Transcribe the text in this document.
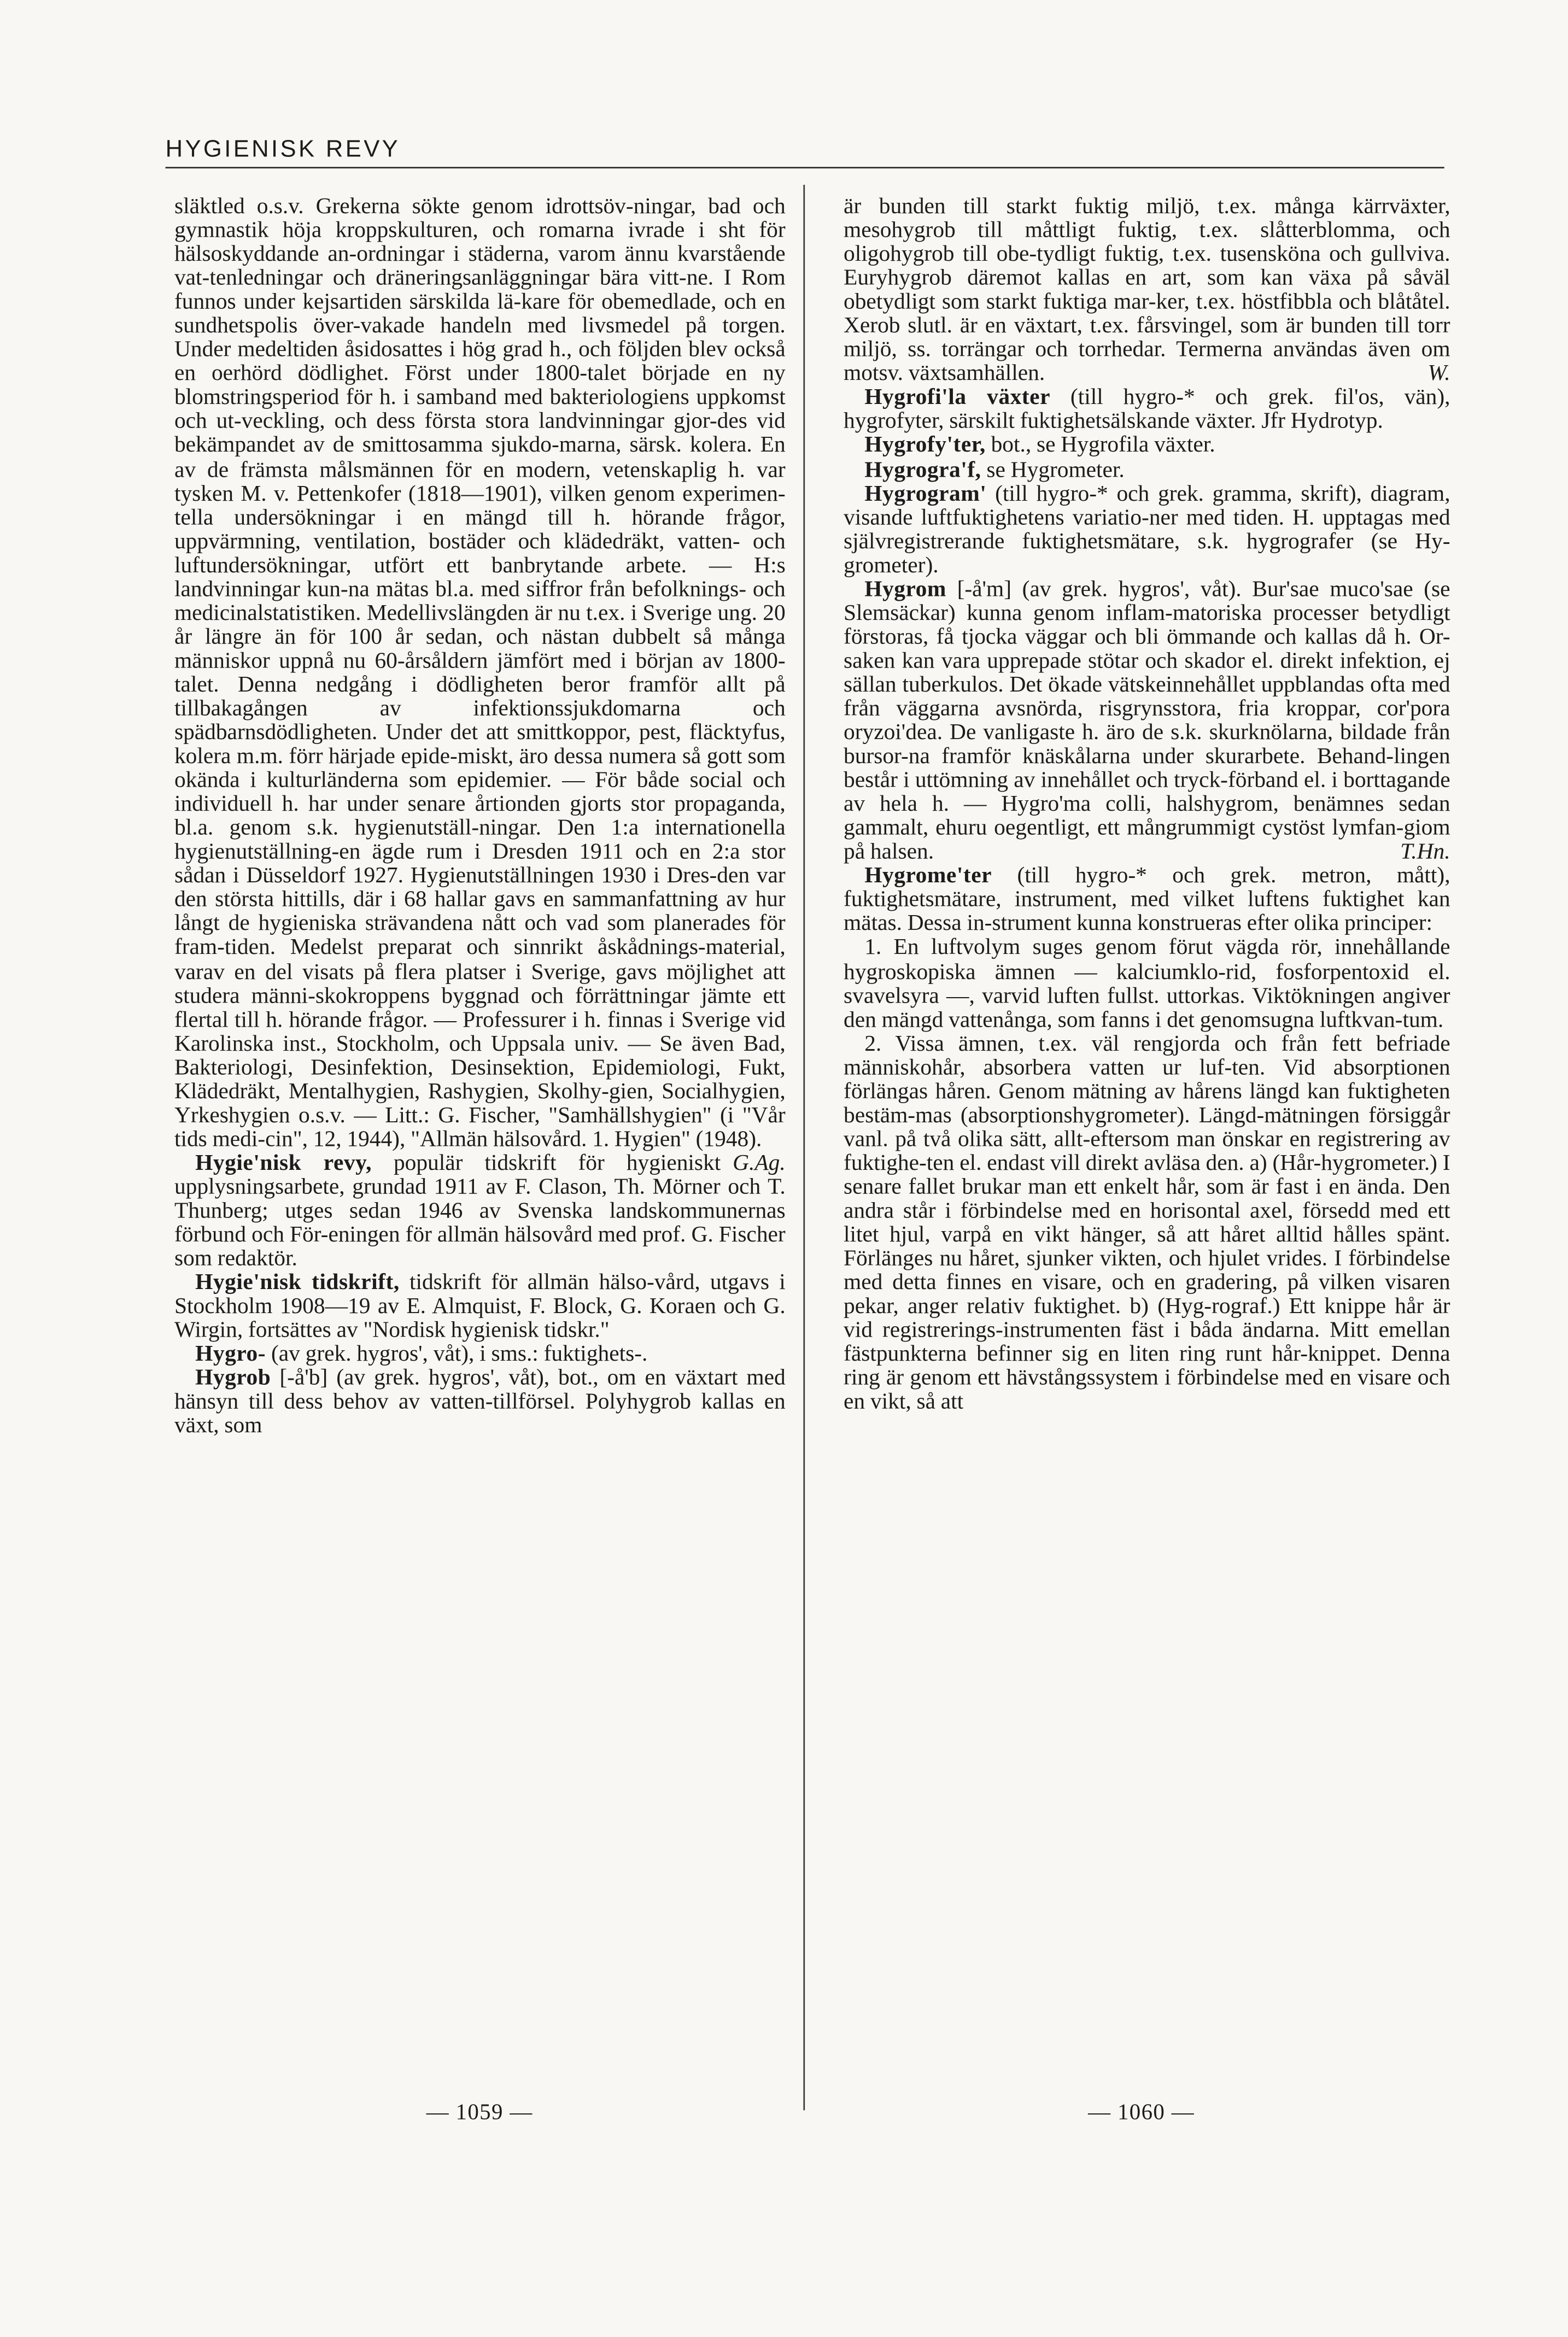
HYGIENISK REVY

släktled o.s.v. Grekerna sökte genom idrottsöv-ningar, bad och gymnastik höja kroppskulturen, och romarna ivrade i sht för hälsoskyddande an-ordningar i städerna, varom ännu kvarstående vat-tenledningar och dräneringsanläggningar bära vitt-ne. I Rom funnos under kejsartiden särskilda lä-kare för obemedlade, och en sundhetspolis över-vakade handeln med livsmedel på torgen. Under medeltiden åsidosattes i hög grad h., och följden blev också en oerhörd dödlighet. Först under 1800-talet började en ny blomstringsperiod för h. i samband med bakteriologiens uppkomst och ut-veckling, och dess första stora landvinningar gjor-des vid bekämpandet av de smittosamma sjukdo-marna, särsk. kolera. En av de främsta målsmännen för en modern, vetenskaplig h. var tysken M. v. Pettenkofer (1818—1901), vilken genom experimen-tella undersökningar i en mängd till h. hörande frågor, uppvärmning, ventilation, bostäder och klädedräkt, vatten- och luftundersökningar, utfört ett banbrytande arbete. — H:s landvinningar kun-na mätas bl.a. med siffror från befolknings- och medicinalstatistiken. Medellivslängden är nu t.ex. i Sverige ung. 20 år längre än för 100 år sedan, och nästan dubbelt så många människor uppnå nu 60-årsåldern jämfört med i början av 1800-talet. Denna nedgång i dödligheten beror framför allt på tillbakagången av infektionssjukdomarna och spädbarnsdödligheten. Under det att smittkoppor, pest, fläcktyfus, kolera m.m. förr härjade epide-miskt, äro dessa numera så gott som okända i kulturländerna som epidemier. — För både social och individuell h. har under senare årtionden gjorts stor propaganda, bl.a. genom s.k. hygienutställ-ningar. Den 1:a internationella hygienutställning-en ägde rum i Dresden 1911 och en 2:a stor sådan i Düsseldorf 1927. Hygienutställningen 1930 i Dres-den var den största hittills, där i 68 hallar gavs en sammanfattning av hur långt de hygieniska strävandena nått och vad som planerades för fram-tiden. Medelst preparat och sinnrikt åskådnings-material, varav en del visats på flera platser i Sverige, gavs möjlighet att studera männi-skokroppens byggnad och förrättningar jämte ett flertal till h. hörande frågor. — Professurer i h. finnas i Sverige vid Karolinska inst., Stockholm, och Uppsala univ. — Se även Bad, Bakteriologi, Desinfektion, Desinsektion, Epidemiologi, Fukt, Klädedräkt, Mentalhygien, Rashygien, Skolhy-gien, Socialhygien, Yrkeshygien o.s.v. — Litt.: G. Fischer, "Samhällshygien" (i "Vår tids medi-cin", 12, 1944), "Allmän hälsovård. 1. Hygien" (1948).
G.Ag.

Hygie'nisk revy, populär tidskrift för hygieniskt upplysningsarbete, grundad 1911 av F. Clason, Th. Mörner och T. Thunberg; utges sedan 1946 av Svenska landskommunernas förbund och För-eningen för allmän hälsovård med prof. G. Fischer som redaktör.

Hygie'nisk tidskrift, tidskrift för allmän hälso-vård, utgavs i Stockholm 1908—19 av E. Almquist, F. Block, G. Koraen och G. Wirgin, fortsättes av "Nordisk hygienisk tidskr."

Hygro- (av grek. hygros', våt), i sms.: fuktighets-.

Hygrob [-å'b] (av grek. hygros', våt), bot., om en växtart med hänsyn till dess behov av vatten-tillförsel. Polyhygrob kallas en växt, som

är bunden till starkt fuktig miljö, t.ex. många kärrväxter, mesohygrob till måttligt fuktig, t.ex. slåtterblomma, och oligohygrob till obe-tydligt fuktig, t.ex. tusensköna och gullviva. Euryhygrob däremot kallas en art, som kan växa på såväl obetydligt som starkt fuktiga mar-ker, t.ex. höstfibbla och blåtåtel. Xerob slutl. är en växtart, t.ex. fårsvingel, som är bunden till torr miljö, ss. torrängar och torrhedar. Termerna användas även om motsv. växtsamhällen.	W.

Hygrofi'la växter (till hygro-* och grek. fil'os, vän), hygrofyter, särskilt fuktighetsälskande växter. Jfr Hydrotyp.

Hygrofy'ter, bot., se Hygrofila växter.

Hygrogra'f, se Hygrometer.

Hygrogram' (till hygro-* och grek. gramma, skrift), diagram, visande luftfuktighetens variatio-ner med tiden. H. upptagas med självregistrerande fuktighetsmätare, s.k. hygrografer (se Hy-grometer).

Hygrom [-å'm] (av grek. hygros', våt). Bur'sae muco'sae (se Slemsäckar) kunna genom inflam-matoriska processer betydligt förstoras, få tjocka väggar och bli ömmande och kallas då h. Or-saken kan vara upprepade stötar och skador el. direkt infektion, ej sällan tuberkulos. Det ökade vätskeinnehållet uppblandas ofta med från väggarna avsnörda, risgrynsstora, fria kroppar, cor'pora oryzoi'dea. De vanligaste h. äro de s.k. skurknölarna, bildade från bursor-na framför knäskålarna under skurarbete. Behand-lingen består i uttömning av innehållet och tryck-förband el. i borttagande av hela h. — Hygro'ma colli, halshygrom, benämnes sedan gammalt, ehuru oegentligt, ett mångrummigt cystöst lymfan-giom på halsen.	T.Hn.

Hygrome'ter (till hygro-* och grek. metron, mått), fuktighetsmätare, instrument, med vilket luftens fuktighet kan mätas. Dessa in-strument kunna konstrueras efter olika principer:

1. En luftvolym suges genom förut vägda rör, innehållande hygroskopiska ämnen — kalciumklo-rid, fosforpentoxid el. svavelsyra —, varvid luften fullst. uttorkas. Viktökningen angiver den mängd vattenånga, som fanns i det genomsugna luftkvan-tum.

2. Vissa ämnen, t.ex. väl rengjorda och från fett befriade människohår, absorbera vatten ur luf-ten. Vid absorptionen förlängas håren. Genom mätning av hårens längd kan fuktigheten bestäm-mas (absorptionshygrometer). Längd-mätningen försiggår vanl. på två olika sätt, allt-eftersom man önskar en registrering av fuktighe-ten el. endast vill direkt avläsa den. a) (Hår-hygrometer.) I senare fallet brukar man ett enkelt hår, som är fast i en ända. Den andra står i förbindelse med en horisontal axel, försedd med ett litet hjul, varpå en vikt hänger, så att håret alltid hålles spänt. Förlänges nu håret, sjunker vikten, och hjulet vrides. I förbindelse med detta finnes en visare, och en gradering, på vilken visaren pekar, anger relativ fuktighet. b) (Hyg-rograf.) Ett knippe hår är vid registrerings-instrumenten fäst i båda ändarna. Mitt emellan fästpunkterna befinner sig en liten ring runt hår-knippet. Denna ring är genom ett hävstångssystem i förbindelse med en visare och en vikt, så att

— 1059 —	— 1060 —
